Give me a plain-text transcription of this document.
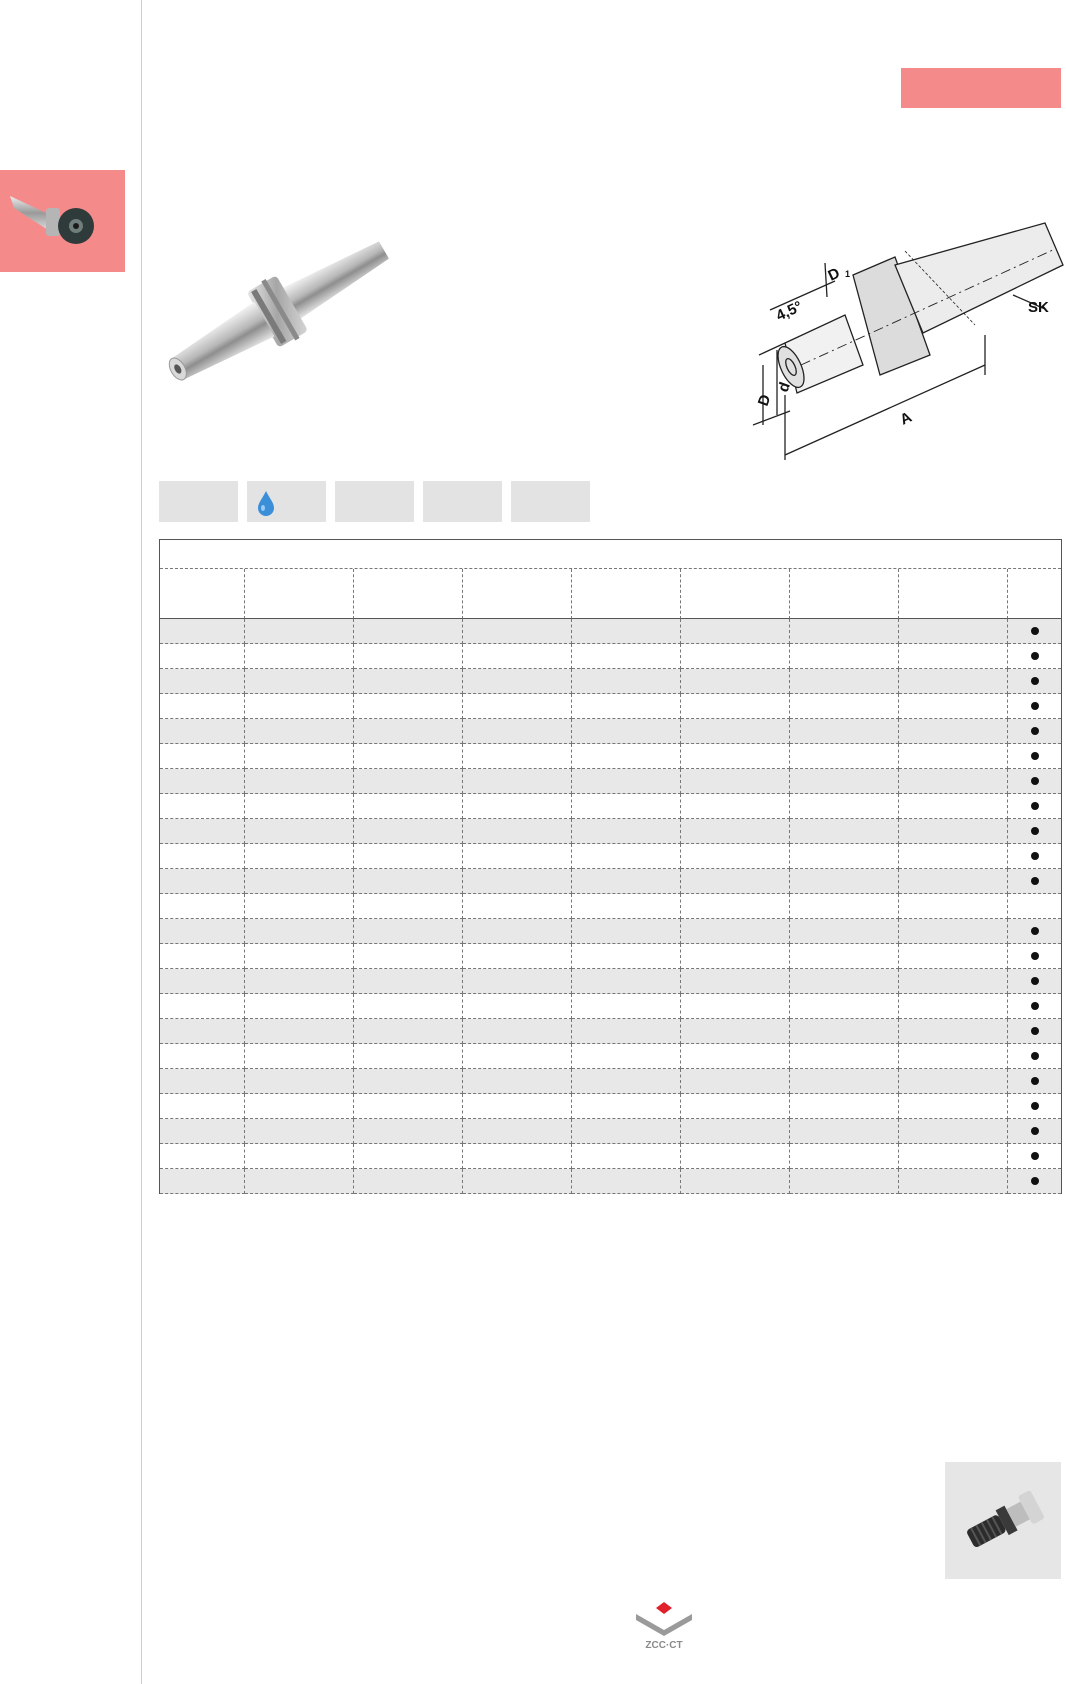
4,5°
D 1
SK
D
d
A
ZCC·CT
